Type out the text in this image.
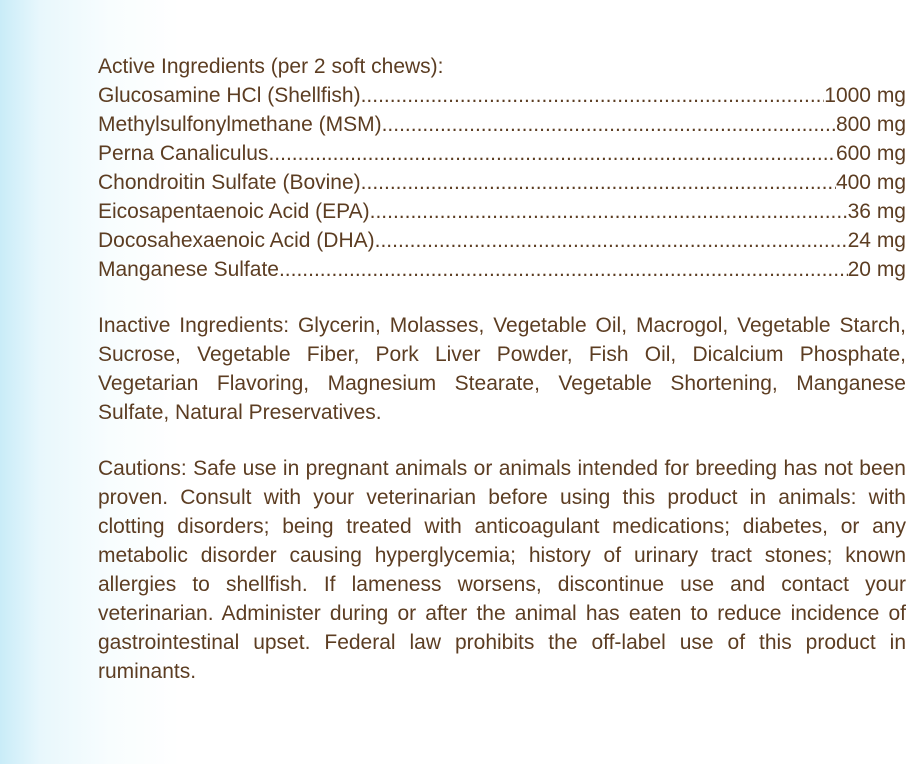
Active Ingredients (per 2 soft chews):
Glucosamine HCl (Shellfish) .....	1000 mg
Methylsulfonylmethane (MSM) .....	800 mg
Perna Canaliculus .....	600 mg
Chondroitin Sulfate (Bovine) .....	400 mg
Eicosapentaenoic Acid (EPA) .....	36 mg
Docosahexaenoic Acid (DHA) .....	24 mg
Manganese Sulfate .....	20 mg

Inactive Ingredients: Glycerin, Molasses, Vegetable Oil, Macrogol, Vegetable Starch, Sucrose, Vegetable Fiber, Pork Liver Powder, Fish Oil, Dicalcium Phosphate, Vegetarian Flavoring, Magnesium Stearate, Vegetable Shortening, Manganese Sulfate, Natural Preservatives.

Cautions: Safe use in pregnant animals or animals intended for breeding has not been proven. Consult with your veterinarian before using this product in animals: with clotting disorders; being treated with anticoagulant medications; diabetes, or any metabolic disorder causing hyperglycemia; history of urinary tract stones; known allergies to shellfish. If lameness worsens, discontinue use and contact your veterinarian. Administer during or after the animal has eaten to reduce incidence of gastrointestinal upset. Federal law prohibits the off-label use of this product in ruminants.
